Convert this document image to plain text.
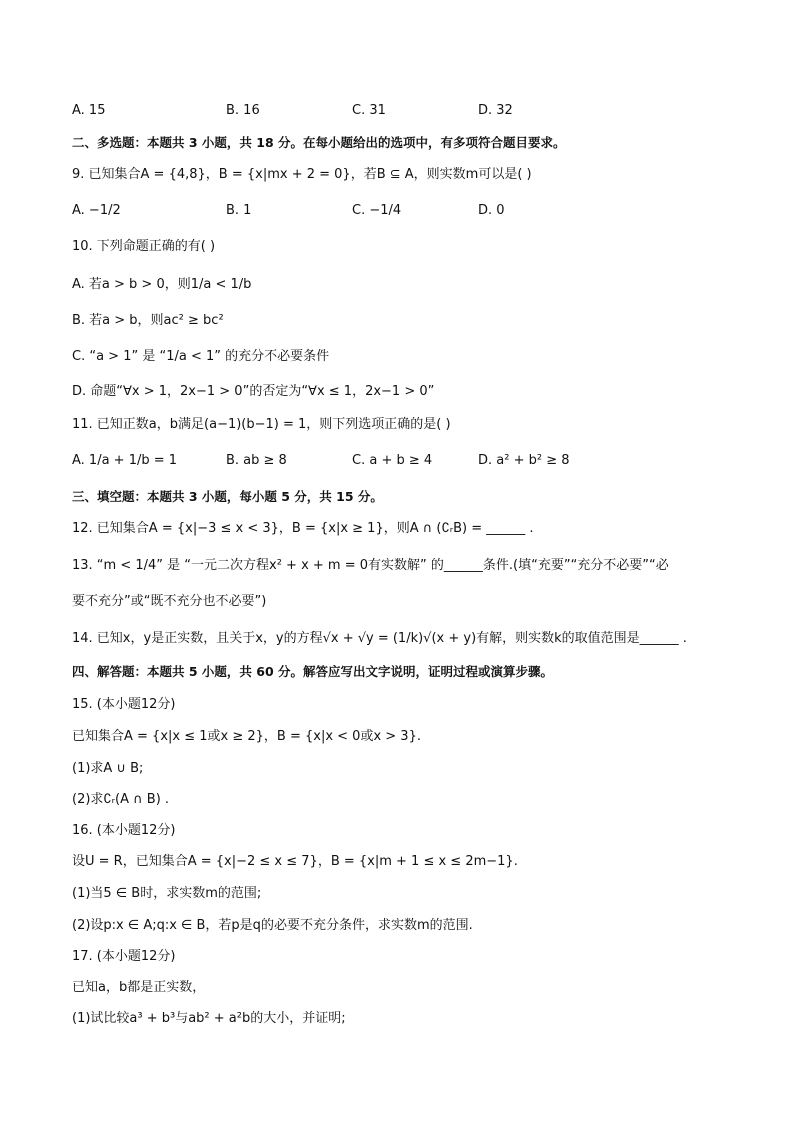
A. 15	B. 16	C. 31	D. 32
二、多选题：本题共 3 小题，共 18 分。在每小题给出的选项中，有多项符合题目要求。
9. 已知集合A = {4,8}，B = {x|mx + 2 = 0}，若B ⊆ A，则实数m可以是( )
A. −1/2	B. 1	C. −1/4	D. 0
10. 下列命题正确的有( )
A. 若a > b > 0，则1/a < 1/b
B. 若a > b，则ac² ≥ bc²
C. “a > 1” 是 “1/a < 1” 的充分不必要条件
D. 命题“∀x > 1，2x−1 > 0”的否定为“∀x ≤ 1，2x−1 > 0”
11. 已知正数a，b满足(a−1)(b−1) = 1，则下列选项正确的是( )
A. 1/a + 1/b = 1	B. ab ≥ 8	C. a + b ≥ 4	D. a² + b² ≥ 8
三、填空题：本题共 3 小题，每小题 5 分，共 15 分。
12. 已知集合A = {x|−3 ≤ x < 3}，B = {x|x ≥ 1}，则A ∩ (∁ᵣB) = ______ .
13. “m < 1/4” 是 “一元二次方程x² + x + m = 0有实数解” 的______条件.(填“充要”“充分不必要”“必
要不充分”或“既不充分也不必要”)
14. 已知x，y是正实数，且关于x，y的方程√x + √y = (1/k)√(x + y)有解，则实数k的取值范围是______ .
四、解答题：本题共 5 小题，共 60 分。解答应写出文字说明，证明过程或演算步骤。
15. (本小题12分)
已知集合A = {x|x ≤ 1或x ≥ 2}，B = {x|x < 0或x > 3}.
(1)求A ∪ B;
(2)求∁ᵣ(A ∩ B) .
16. (本小题12分)
设U = R，已知集合A = {x|−2 ≤ x ≤ 7}，B = {x|m + 1 ≤ x ≤ 2m−1}.
(1)当5 ∈ B时，求实数m的范围;
(2)设p:x ∈ A;q:x ∈ B，若p是q的必要不充分条件，求实数m的范围.
17. (本小题12分)
已知a，b都是正实数，
(1)试比较a³ + b³与ab² + a²b的大小，并证明;
